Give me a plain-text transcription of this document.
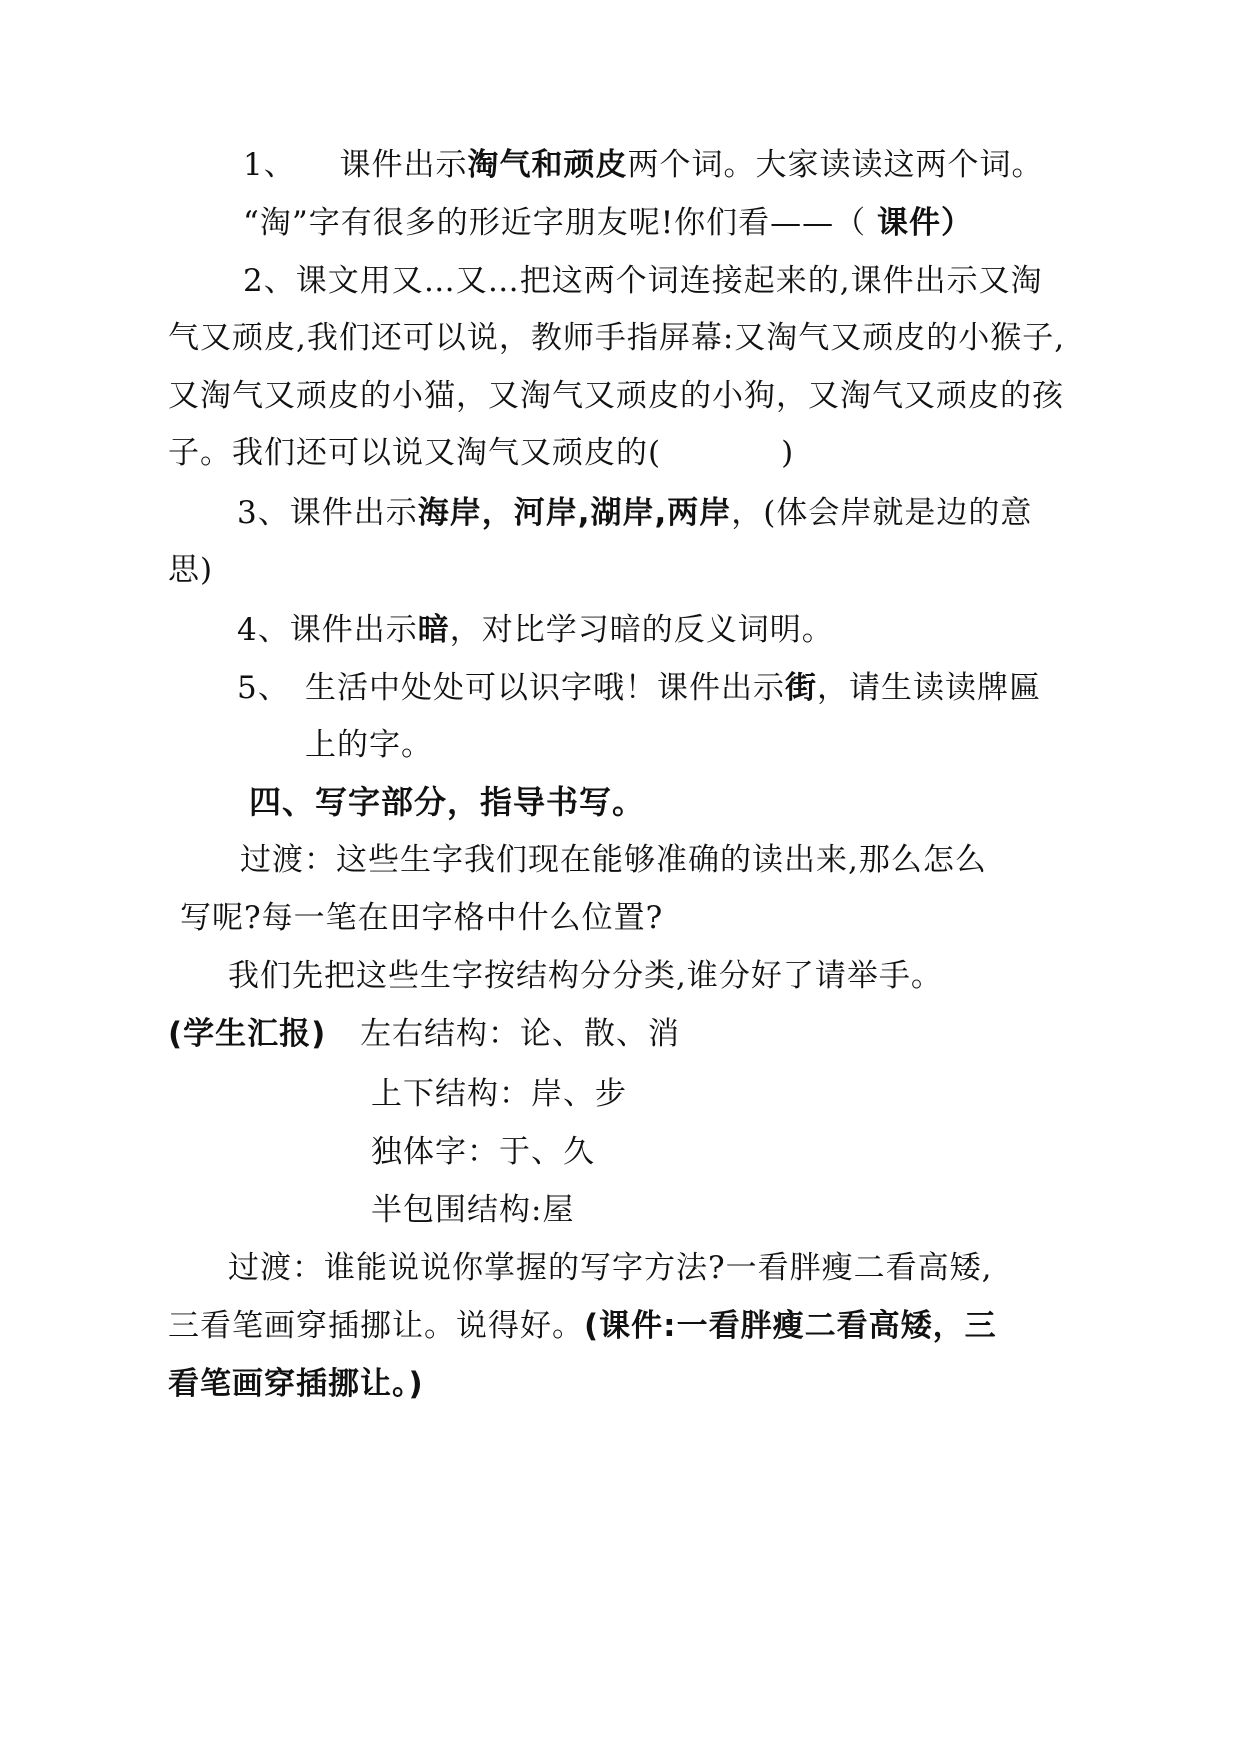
1、 课件出示淘气和顽皮两个词。大家读读这两个词。
“淘”字有很多的形近字朋友呢!你们看——（ 课件）
2、课文用又…又…把这两个词连接起来的,课件出示又淘
气又顽皮,我们还可以说，教师手指屏幕:又淘气又顽皮的小猴子,
又淘气又顽皮的小猫，又淘气又顽皮的小狗，又淘气又顽皮的孩
子。我们还可以说又淘气又顽皮的(	)
3、课件出示海岸，河岸,湖岸,两岸，(体会岸就是边的意
思)
4、课件出示暗，对比学习暗的反义词明。
5、 生活中处处可以识字哦！课件出示街，请生读读牌匾
上的字。
四、写字部分，指导书写。
过渡：这些生字我们现在能够准确的读出来,那么怎么
写呢?每一笔在田字格中什么位置?
我们先把这些生字按结构分分类,谁分好了请举手。
(学生汇报) 左右结构：论、散、消
上下结构：岸、步
独体字：于、久
半包围结构:屋
过渡：谁能说说你掌握的写字方法?一看胖瘦二看高矮,
三看笔画穿插挪让。说得好。(课件:一看胖瘦二看高矮，三
看笔画穿插挪让。)
